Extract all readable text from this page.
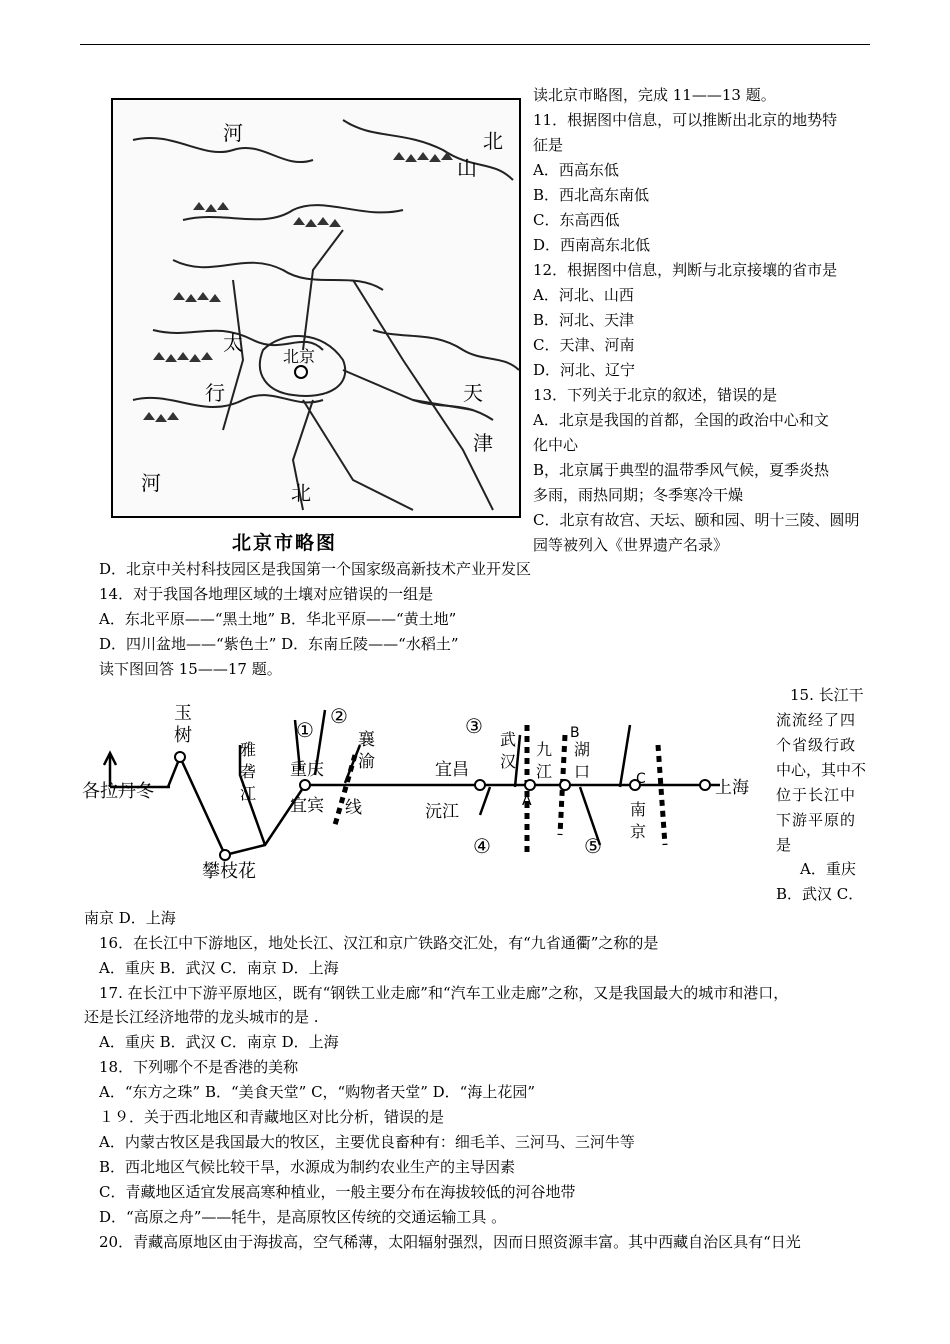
河	北
山
太
行
北京
天
津
河	北
北京市略图
读北京市略图，完成 11——13 题。
11．根据图中信息，可以推断出北京的地势特
征是
A．西高东低
B．西北高东南低
C．东高西低
D．西南高东北低
12．根据图中信息，判断与北京接壤的省市是
A．河北、山西
B．河北、天津
C．天津、河南
D．河北、辽宁
13．下列关于北京的叙述，错误的是
A．北京是我国的首都，全国的政治中心和文
化中心
B，北京属于典型的温带季风气候，夏季炎热
多雨，雨热同期；冬季寒冷干燥
C．北京有故宫、天坛、颐和园、明十三陵、圆明
园等被列入《世界遗产名录》
D．北京中关村科技园区是我国第一个国家级高新技术产业开发区
14．对于我国各地理区域的土壤对应错误的一组是
A．东北平原——“黑土地” B．华北平原——“黄土地”
D．四川盆地——“紫色土” D．东南丘陵——“水稻土”
读下图回答 15——17 题。
玉
树
各拉丹冬
雅
砻
江
攀枝花
重庆
宜宾
襄
渝
线
宜昌
沅江
武
汉
九
江
湖
口
南
京
上海
①
②	③
④	⑤
A
B
C
15. 长江干
流流经了四
个省级行政
中心，其中不
位于长江中
下游平原的
是
A．重庆
B．武汉 C．
南京 D．上海
16．在长江中下游地区，地处长江、汉江和京广铁路交汇处，有“九省通衢”之称的是
A．重庆 B．武汉 C．南京 D．上海
17. 在长江中下游平原地区，既有“钢铁工业走廊”和“汽车工业走廊”之称，又是我国最大的城市和港口，
还是长江经济地带的龙头城市的是 .
A．重庆 B．武汉 C．南京 D．上海
18．下列哪个不是香港的美称
A．“东方之珠” B．“美食天堂” C，“购物者天堂” D．“海上花园”
１９．关于西北地区和青藏地区对比分析，错误的是
A．内蒙古牧区是我国最大的牧区，主要优良畜种有：细毛羊、三河马、三河牛等
B．西北地区气候比较干旱，水源成为制约农业生产的主导因素
C．青藏地区适宜发展高寒种植业，一般主要分布在海拔较低的河谷地带
D．“高原之舟”——牦牛，是高原牧区传统的交通运输工具 。
20．青藏高原地区由于海拔高，空气稀薄，太阳辐射强烈，因而日照资源丰富。其中西藏自治区具有“日光
